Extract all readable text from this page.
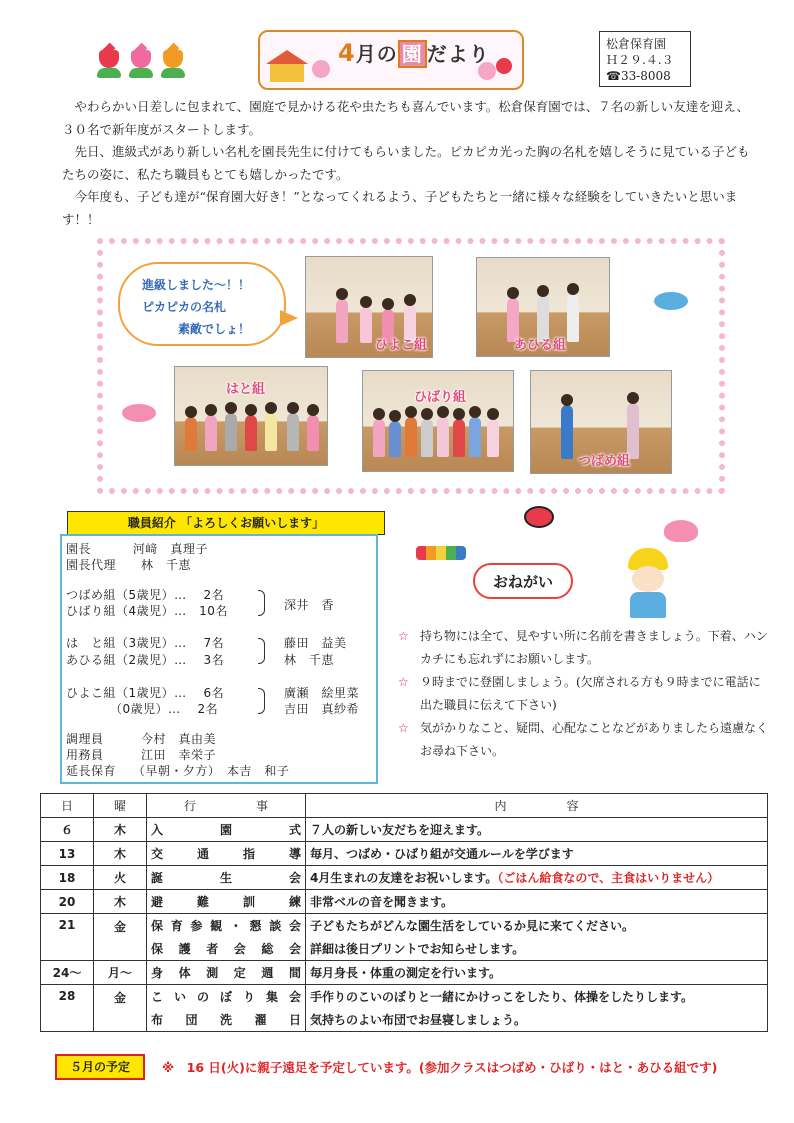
4月の 園 だより	松倉保育園
Ｈ２９.４.３
☎33-8008

やわらかい日差しに包まれて、園庭で見かける花や虫たちも喜んでいます。松倉保育園では、７名の新しい友達を迎え、３０名で新年度がスタートします。

先日、進級式があり新しい名札を園長先生に付けてもらいました。ピカピカ光った胸の名札を嬉しそうに見ている子どもたちの姿に、私たち職員もとても嬉しかったです。

今年度も、子ども達が“保育園大好き！”となってくれるよう、子どもたちと一緒に様々な経験をしていきたいと思います！！

進級しました～！！
ピカピカの名札
素敵でしょ！
ひよこ組	あひる組
はと組
ひばり組
つばめ組
職員紹介 「よろしくお願いします」
園長　　　 河﨑　真理子
園長代理　　林　千恵
つばめ組（5歳児）…　 2名
ひばり組（4歳児）…　10名
は　と組（3歳児）…　 7名
あひる組（2歳児）…　 3名
ひよこ組（1歳児）…　 6名
　　　　（0歳児）…　 2名
調理員　　　今村　真由美
用務員　　　江田　幸栄子
延長保育　 （早朝・夕方）　本吉　和子
深井　香
藤田　益美
林　千恵
廣瀬　絵里菜
吉田　真紗希
おねがい
☆ 持ち物には全て、見やすい所に名前を書きましょう。下着、ハンカチにも忘れずにお願いします。
☆ ９時までに登園しましょう。(欠席される方も９時までに電話に出た職員に伝えて下さい)
☆ 気がかりなこと、疑問、心配なことなどがありましたら遠慮なくお尋ね下さい。
日	曜	行　　　　　事	内　　　　　容
６	木	入園式	７人の新しい友だちを迎えます。
13	木	交通指導	毎月、つばめ・ひばり組が交通ルールを学びます
18	火	誕生会	4月生まれの友達をお祝いします。（ごはん給食なので、主食はいりません）
20	木	避難訓練	非常ベルの音を聞きます。
21	金	保育参観・懇談会	子どもたちがどんな園生活をしているか見に来てください。
		保護者会総会	詳細は後日プリントでお知らせします。
24～	月～	身体測定週間	毎月身長・体重の測定を行います。
28	金	こいのぼり集会	手作りのこいのぼりと一緒にかけっこをしたり、体操をしたりします。
		布団洗濯日	気持ちのよい布団でお昼寝しましょう。
５月の予定	※　16 日(火)に親子遠足を予定しています。(参加クラスはつばめ・ひばり・はと・あひる組です)
